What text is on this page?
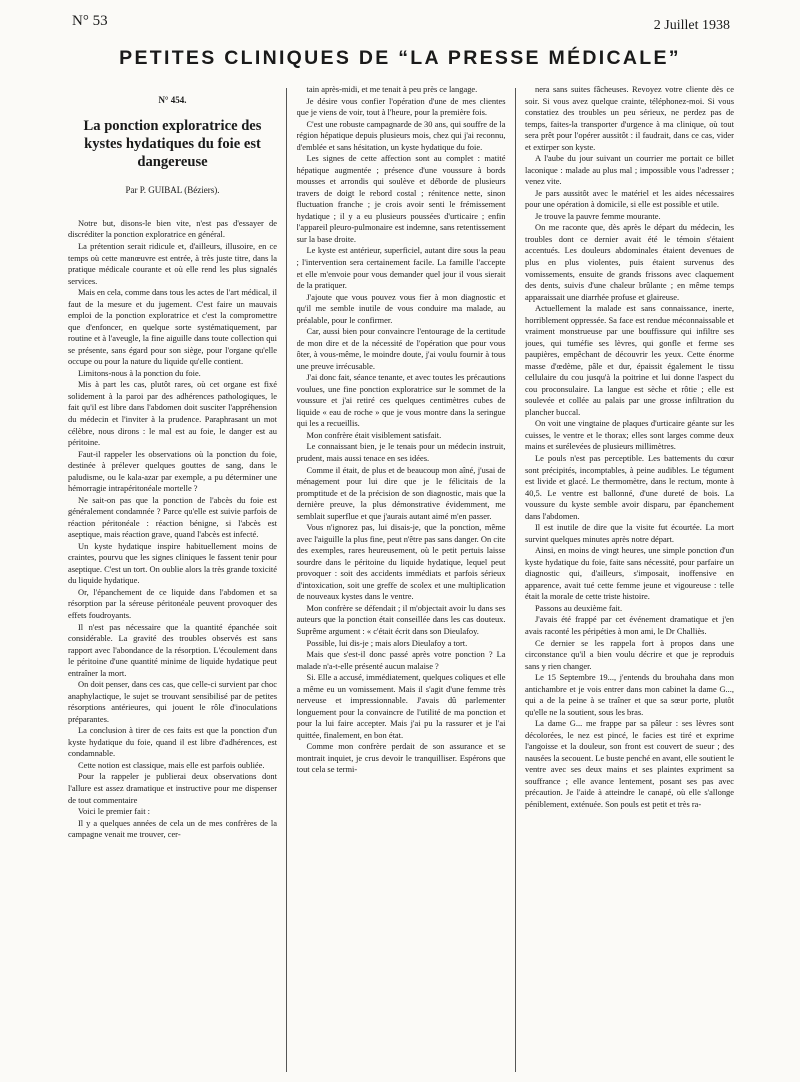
N° 53	2 Juillet 1938
PETITES CLINIQUES DE “LA PRESSE MÉDICALE”
N° 454.
La ponction exploratrice des kystes hydatiques du foie est dangereuse
Par P. GUIBAL (Béziers).

Notre but, disons-le bien vite, n'est pas d'essayer de discréditer la ponction exploratrice en général.

La prétention serait ridicule et, d'ailleurs, illusoire, en ce temps où cette manœuvre est entrée, à très juste titre, dans la pratique médicale courante et où elle rend les plus signalés services.

Mais en cela, comme dans tous les actes de l'art médical, il faut de la mesure et du jugement. C'est faire un mauvais emploi de la ponction exploratrice et c'est la compromettre que d'enfoncer, en quelque sorte systématiquement, par routine et à l'aveugle, la fine aiguille dans toute collection qui se présente, sans égard pour son siège, pour l'organe qu'elle occupe ou pour la nature du liquide qu'elle contient.

Limitons-nous à la ponction du foie.

Mis à part les cas, plutôt rares, où cet organe est fixé solidement à la paroi par des adhérences pathologiques, le fait qu'il est libre dans l'abdomen doit susciter l'appréhension du médecin et l'inviter à la prudence. Paraphrasant un mot célèbre, nous dirons : le mal est au foie, le danger est au péritoine.

Faut-il rappeler les observations où la ponction du foie, destinée à prélever quelques gouttes de sang, dans le paludisme, ou le kala-azar par exemple, a pu déterminer une hémorragie intrapéritonéale mortelle ?

Ne sait-on pas que la ponction de l'abcès du foie est généralement condamnée ? Parce qu'elle est suivie parfois de réaction péritonéale : réaction bénigne, si l'abcès est aseptique, mais réaction grave, quand l'abcès est infecté.

Un kyste hydatique inspire habituellement moins de craintes, pourvu que les signes cliniques le fassent tenir pour aseptique. C'est un tort. On oublie alors la très grande toxicité du liquide hydatique.

Or, l'épanchement de ce liquide dans l'abdomen et sa résorption par la séreuse péritonéale peuvent provoquer des effets foudroyants.

Il n'est pas nécessaire que la quantité épanchée soit considérable. La gravité des troubles observés est sans rapport avec l'abondance de la résorption. L'écoulement dans le péritoine d'une quantité minime de liquide hydatique peut entraîner la mort.

On doit penser, dans ces cas, que celle-ci survient par choc anaphylactique, le sujet se trouvant sensibilisé par de petites résorptions antérieures, qui jouent le rôle d'inoculations préparantes.

La conclusion à tirer de ces faits est que la ponction d'un kyste hydatique du foie, quand il est libre d'adhérences, est condamnable.

Cette notion est classique, mais elle est parfois oubliée.

Pour la rappeler je publierai deux observations dont l'allure est assez dramatique et instructive pour me dispenser de tout commentaire

Voici le premier fait :

Il y a quelques années de cela un de mes confrères de la campagne venait me trouver, cer-

tain après-midi, et me tenait à peu près ce langage.

Je désire vous confier l'opération d'une de mes clientes que je viens de voir, tout à l'heure, pour la première fois.

C'est une robuste campagnarde de 30 ans, qui souffre de la région hépatique depuis plusieurs mois, chez qui j'ai reconnu, d'emblée et sans hésitation, un kyste hydatique du foie.

Les signes de cette affection sont au complet : matité hépatique augmentée ; présence d'une voussure à bords mousses et arrondis qui soulève et déborde de plusieurs travers de doigt le rebord costal ; rénitence nette, sinon fluctuation franche ; je crois avoir senti le frémissement hydatique ; il y a eu plusieurs poussées d'urticaire ; enfin l'appareil pleuro-pulmonaire est indemne, sans retentissement sur la base droite.

Le kyste est antérieur, superficiel, autant dire sous la peau ; l'intervention sera certainement facile. La famille l'accepte et elle m'envoie pour vous demander quel jour il vous sierait de la pratiquer.

J'ajoute que vous pouvez vous fier à mon diagnostic et qu'il me semble inutile de vous conduire ma malade, au préalable, pour le confirmer.

Car, aussi bien pour convaincre l'entourage de la certitude de mon dire et de la nécessité de l'opération que pour vous ôter, à vous-même, le moindre doute, j'ai voulu fournir à tous une preuve irrécusable.

J'ai donc fait, séance tenante, et avec toutes les précautions voulues, une fine ponction exploratrice sur le sommet de la voussure et j'ai retiré ces quelques centimètres cubes de liquide « eau de roche » que je vous montre dans la seringue qui les a recueillis.

Mon confrère était visiblement satisfait.

Le connaissant bien, je le tenais pour un médecin instruit, prudent, mais aussi tenace en ses idées.

Comme il était, de plus et de beaucoup mon aîné, j'usai de ménagement pour lui dire que je le félicitais de la promptitude et de la précision de son diagnostic, mais que la dernière preuve, la plus démonstrative évidemment, me semblait superflue et que j'aurais autant aimé m'en passer.

Vous n'ignorez pas, lui disais-je, que la ponction, même avec l'aiguille la plus fine, peut n'être pas sans danger. On cite des exemples, rares heureusement, où le petit pertuis laisse sourdre dans le péritoine du liquide hydatique, lequel peut provoquer : soit des accidents immédiats et parfois sérieux d'intoxication, soit une greffe de scolex et une multiplication de nouveaux kystes dans le ventre.

Mon confrère se défendait ; il m'objectait avoir lu dans ses auteurs que la ponction était conseillée dans les cas douteux. Suprême argument : « c'était écrit dans son Dieulafoy.

Possible, lui dis-je ; mais alors Dieulafoy a tort.

Mais que s'est-il donc passé après votre ponction ? La malade n'a-t-elle présenté aucun malaise ?

Si. Elle a accusé, immédiatement, quelques coliques et elle a même eu un vomissement. Mais il s'agit d'une femme très nerveuse et impressionnable. J'avais dû parlementer longuement pour la convaincre de l'utilité de ma ponction et pour la lui faire accepter. Mais j'ai pu la rassurer et je l'ai quittée, finalement, en bon état.

Comme mon confrère perdait de son assurance et se montrait inquiet, je crus devoir le tranquilliser. Espérons que tout cela se termi-

nera sans suites fâcheuses. Revoyez votre cliente dès ce soir. Si vous avez quelque crainte, téléphonez-moi. Si vous constatiez des troubles un peu sérieux, ne perdez pas de temps, faites-la transporter d'urgence à ma clinique, où tout sera prêt pour l'opérer aussitôt : il faudrait, dans ce cas, vider et extirper son kyste.

A l'aube du jour suivant un courrier me portait ce billet laconique : malade au plus mal ; impossible vous l'adresser ; venez vite.

Je pars aussitôt avec le matériel et les aides nécessaires pour une opération à domicile, si elle est possible et utile.

Je trouve la pauvre femme mourante.

On me raconte que, dès après le départ du médecin, les troubles dont ce dernier avait été le témoin s'étaient accentués. Les douleurs abdominales étaient devenues de plus en plus violentes, puis étaient survenus des vomissements, ensuite de grands frissons avec claquement des dents, suivis d'une chaleur brûlante ; en même temps apparaissait une diarrhée profuse et glaireuse.

Actuellement la malade est sans connaissance, inerte, horriblement oppressée. Sa face est rendue méconnaissable et vraiment monstrueuse par une bouffissure qui infiltre ses joues, qui tuméfie ses lèvres, qui gonfle et ferme ses paupières, empêchant de découvrir les yeux. Cette énorme masse d'œdème, pâle et dur, épaissit également le tissu cellulaire du cou jusqu'à la poitrine et lui donne l'aspect du cou proconsulaire. La langue est sèche et rôtie ; elle est soulevée et collée au palais par une grosse infiltration du plancher buccal.

On voit une vingtaine de plaques d'urticaire géante sur les cuisses, le ventre et le thorax; elles sont larges comme deux mains et surélevées de plusieurs millimètres.

Le pouls n'est pas perceptible. Les battements du cœur sont précipités, incomptables, à peine audibles. Le tégument est livide et glacé. Le thermomètre, dans le rectum, monte à 40,5. Le ventre est ballonné, d'une dureté de bois. La voussure du kyste semble avoir disparu, par épanchement dans l'abdomen.

Il est inutile de dire que la visite fut écourtée. La mort survint quelques minutes après notre départ.

Ainsi, en moins de vingt heures, une simple ponction d'un kyste hydatique du foie, faite sans nécessité, pour parfaire un diagnostic qui, d'ailleurs, s'imposait, inoffensive en apparence, avait tué cette femme jeune et vigoureuse : telle était la morale de cette triste histoire.

Passons au deuxième fait.

J'avais été frappé par cet événement dramatique et j'en avais raconté les péripéties à mon ami, le Dr Challiès.

Ce dernier se les rappela fort à propos dans une circonstance qu'il a bien voulu décrire et que je reproduis sans y rien changer.

Le 15 Septembre 19..., j'entends du brouhaha dans mon antichambre et je vois entrer dans mon cabinet la dame G..., qui a de la peine à se traîner et que sa sœur porte, plutôt qu'elle ne la soutient, sous les bras.

La dame G... me frappe par sa pâleur : ses lèvres sont décolorées, le nez est pincé, le facies est tiré et exprime l'angoisse et la douleur, son front est couvert de sueur ; des nausées la secouent. Le buste penché en avant, elle soutient le ventre avec ses deux mains et ses plaintes expriment sa souffrance ; elle avance lentement, posant ses pas avec précaution. Je l'aide à atteindre le canapé, où elle s'allonge péniblement, exténuée. Son pouls est petit et très ra-
